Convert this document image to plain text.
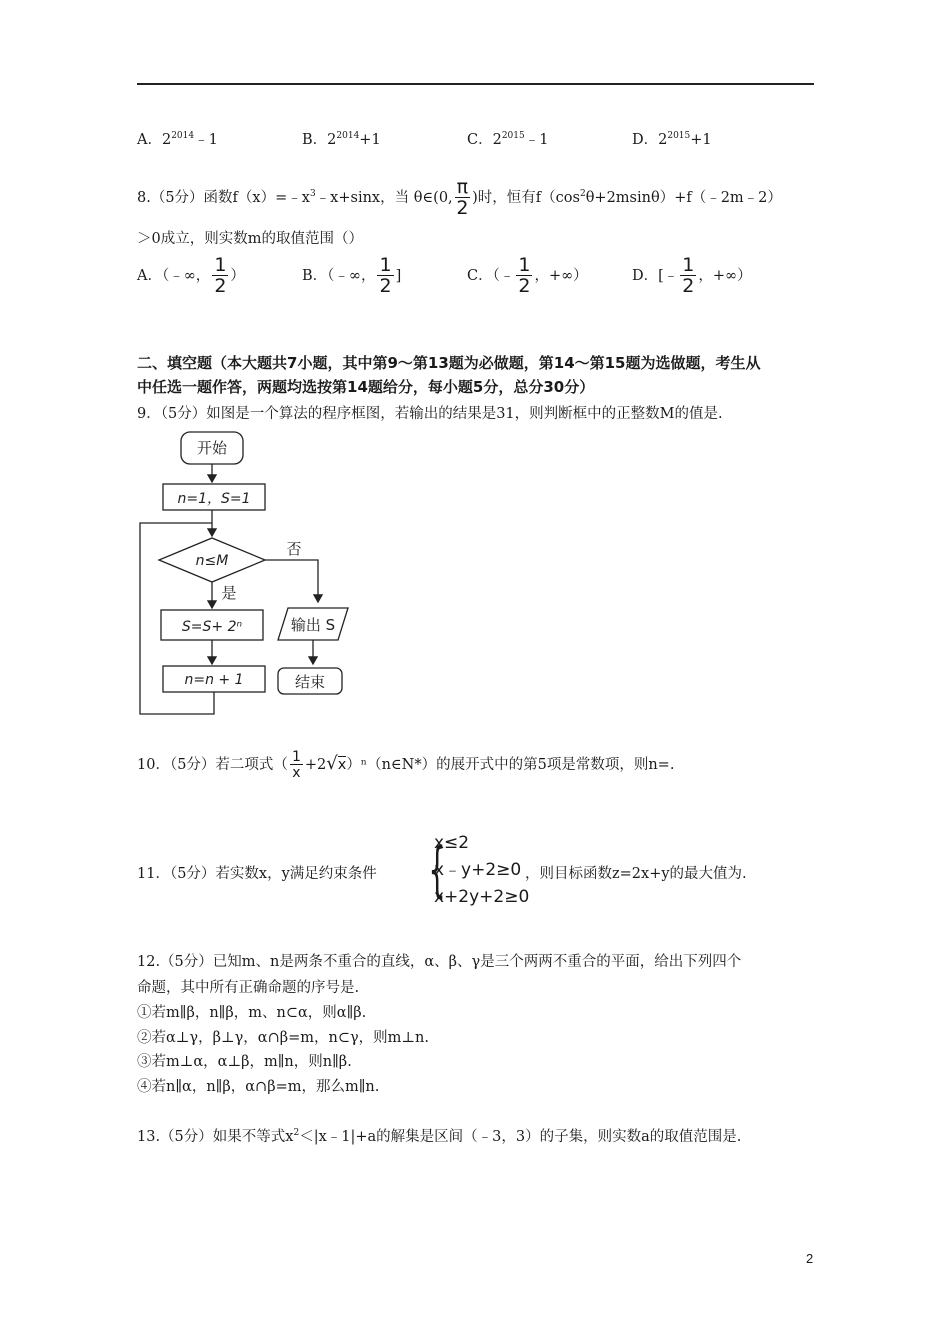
A．$2^{2014}﹣1$	B．$2^{2014}+1$	C．$2^{2015}﹣1$	D．$2^{2015}+1$
8.（5分）函数$f(x)=﹣x^3﹣x+\sin x$，当 θ∈(0, $\frac{\pi}{2}$ )时，恒有$f(\cos^2\theta+2msin\theta)+f(﹣2m﹣2)$
＞0成立，则实数m的取值范围（）
A．（﹣∞， $\frac{1}{2}$ ）	B．（﹣∞， $\frac{1}{2}$ ]	C．（﹣ $\frac{1}{2}$ ，+∞）	D．[﹣ $\frac{1}{2}$ ，+∞）
二、填空题（本大题共7小题，其中第9～第13题为必做题，第14～第15题为选做题，考生从
中任选一题作答，两题均选按第14题给分，每小题5分，总分30分）
9．（5分）如图是一个算法的程序框图，若输出的结果是31，则判断框中的正整数M的值是.
开始
n=1，S=1
n≤M
否
是
S=S+ 2ⁿ
n=n + 1
输出 S
结束
10．（5分）若二项式（ $\frac{1}{x}$ +2√x）ⁿ（n∈N*）的展开式中的第5项是常数项，则n=.
11．（5分）若实数x，y满足约束条件 {
x≤2
x﹣y+2≥0
x+2y+2≥0
，则目标函数z=2x+y的最大值为.
12.（5分）已知m、n是两条不重合的直线，α、β、γ是三个两两不重合的平面，给出下列四个
命题，其中所有正确命题的序号是.
①若m∥β，n∥β，m、n⊂α，则α∥β.
②若α⊥γ，β⊥γ，α∩β=m，n⊂γ，则m⊥n.
③若m⊥α，α⊥β，m∥n，则n∥β.
④若n∥α，n∥β，α∩β=m，那么m∥n.
13.（5分）如果不等式$x^2<|x﹣1|+a$的解集是区间（﹣3，3）的子集，则实数a的取值范围是.
2
